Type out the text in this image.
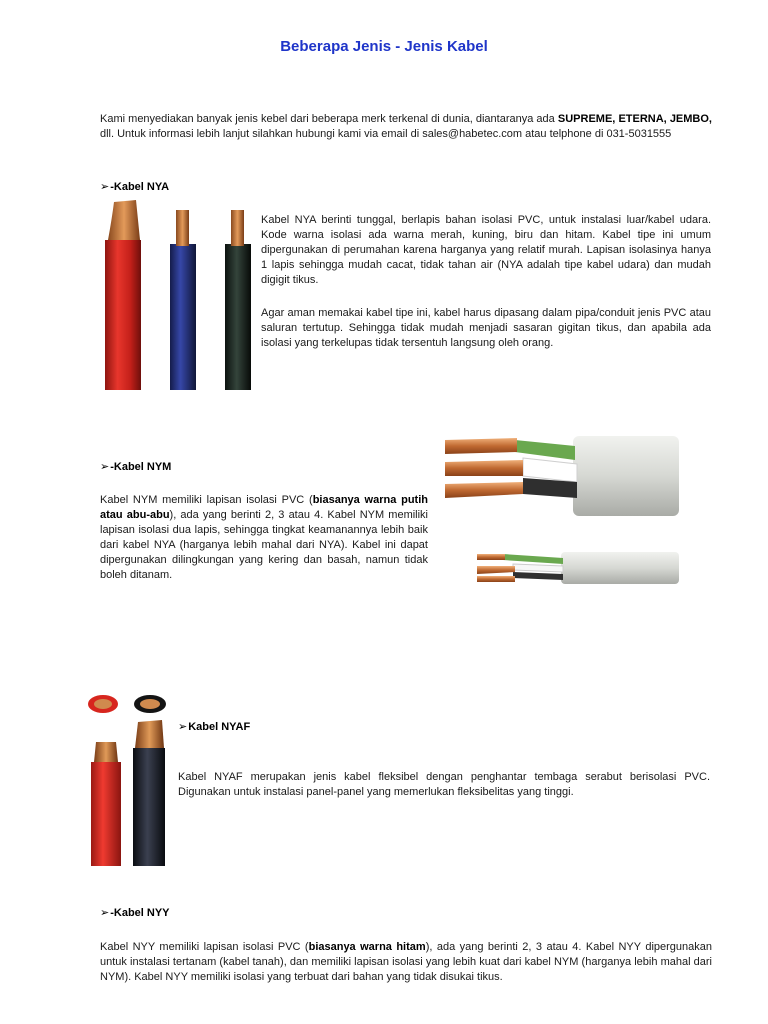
Beberapa Jenis - Jenis Kabel

Kami menyediakan banyak jenis kebel dari beberapa merk terkenal di dunia, diantaranya ada SUPREME, ETERNA, JEMBO, dll. Untuk informasi lebih lanjut silahkan hubungi kami via email di sales@habetec.com atau telphone di 031-5031555

➢-Kabel NYA

Kabel NYA berinti tunggal, berlapis bahan isolasi PVC, untuk instalasi luar/kabel udara. Kode warna isolasi ada warna merah, kuning, biru dan hitam. Kabel tipe ini umum dipergunakan di perumahan karena harganya yang relatif murah. Lapisan isolasinya hanya 1 lapis sehingga mudah cacat, tidak tahan air (NYA adalah tipe kabel udara) dan mudah digigit tikus.

Agar aman memakai kabel tipe ini, kabel harus dipasang dalam pipa/conduit jenis PVC atau saluran tertutup. Sehingga tidak mudah menjadi sasaran gigitan tikus, dan apabila ada isolasi yang terkelupas tidak tersentuh langsung oleh orang.

➢-Kabel NYM

Kabel NYM memiliki lapisan isolasi PVC (biasanya warna putih atau abu-abu), ada yang berinti 2, 3 atau 4. Kabel NYM memiliki lapisan isolasi dua lapis, sehingga tingkat keamanannya lebih baik dari kabel NYA (harganya lebih mahal dari NYA). Kabel ini dapat dipergunakan dilingkungan yang kering dan basah, namun tidak boleh ditanam.

➢Kabel NYAF

Kabel NYAF merupakan jenis kabel fleksibel dengan penghantar tembaga serabut berisolasi PVC. Digunakan untuk instalasi panel-panel yang memerlukan fleksibelitas yang tinggi.

➢-Kabel NYY

Kabel NYY memiliki lapisan isolasi PVC (biasanya warna hitam), ada yang berinti 2, 3 atau 4. Kabel NYY dipergunakan untuk instalasi tertanam (kabel tanah), dan memiliki lapisan isolasi yang lebih kuat dari kabel NYM (harganya lebih mahal dari NYM). Kabel NYY memiliki isolasi yang terbuat dari bahan yang tidak disukai tikus.
